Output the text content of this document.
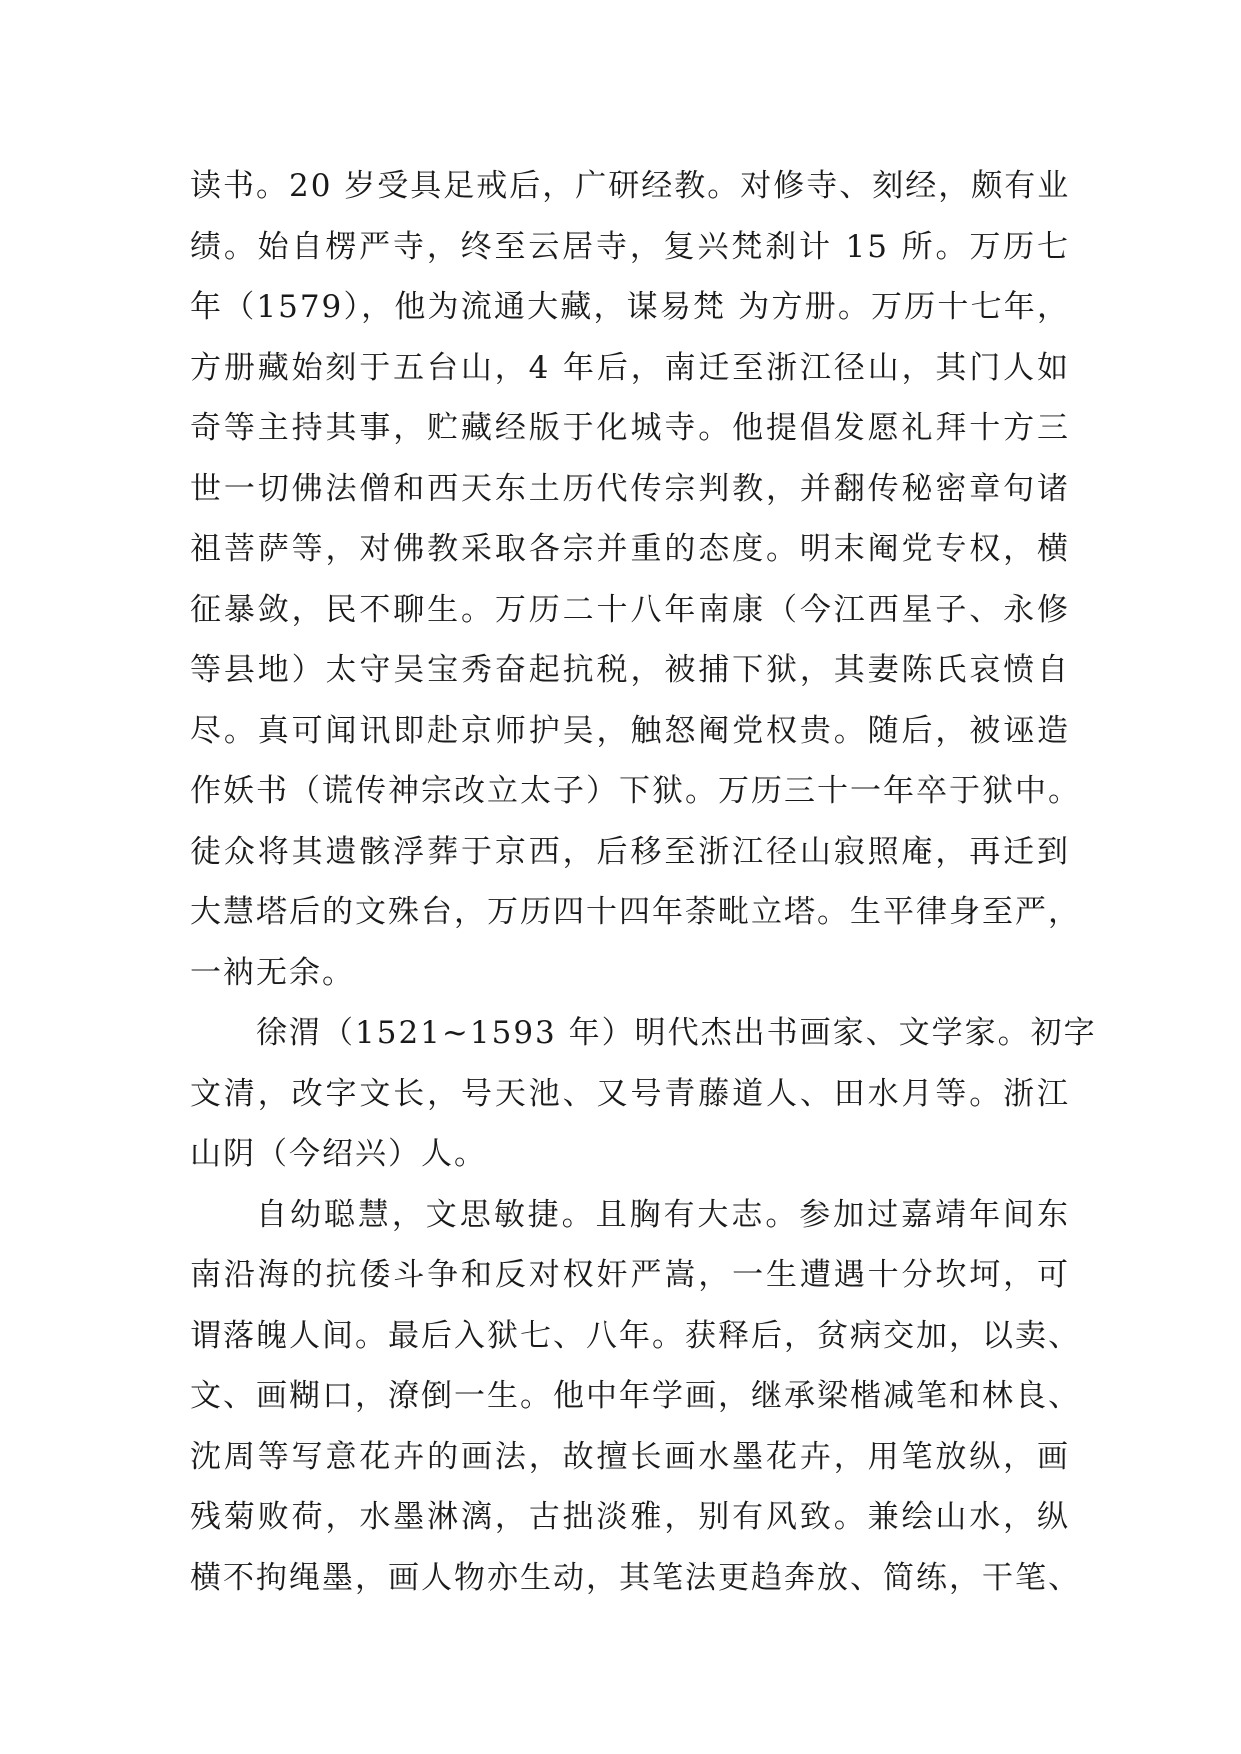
读书。20 岁受具足戒后，广研经教。对修寺、刻经，颇有业
绩。始自楞严寺，终至云居寺，复兴梵刹计 15 所。万历七
年（1579），他为流通大藏，谋易梵 为方册。万历十七年，
方册藏始刻于五台山，4 年后，南迁至浙江径山，其门人如
奇等主持其事，贮藏经版于化城寺。他提倡发愿礼拜十方三
世一切佛法僧和西天东土历代传宗判教，并翻传秘密章句诸
祖菩萨等，对佛教采取各宗并重的态度。明末阉党专权，横
征暴敛，民不聊生。万历二十八年南康（今江西星子、永修
等县地）太守吴宝秀奋起抗税，被捕下狱，其妻陈氏哀愤自
尽。真可闻讯即赴京师护吴，触怒阉党权贵。随后，被诬造
作妖书（谎传神宗改立太子）下狱。万历三十一年卒于狱中。
徒众将其遗骸浮葬于京西，后移至浙江径山寂照庵，再迁到
大慧塔后的文殊台，万历四十四年荼毗立塔。生平律身至严，
一衲无余。
徐渭（1521~1593 年）明代杰出书画家、文学家。初字
文清，改字文长，号天池、又号青藤道人、田水月等。浙江
山阴（今绍兴）人。
自幼聪慧，文思敏捷。且胸有大志。参加过嘉靖年间东
南沿海的抗倭斗争和反对权奸严嵩，一生遭遇十分坎坷，可
谓落魄人间。最后入狱七、八年。获释后，贫病交加，以卖、
文、画糊口，潦倒一生。他中年学画，继承梁楷减笔和林良、
沈周等写意花卉的画法，故擅长画水墨花卉，用笔放纵，画
残菊败荷，水墨淋漓，古拙淡雅，别有风致。兼绘山水，纵
横不拘绳墨，画人物亦生动，其笔法更趋奔放、简练，干笔、
